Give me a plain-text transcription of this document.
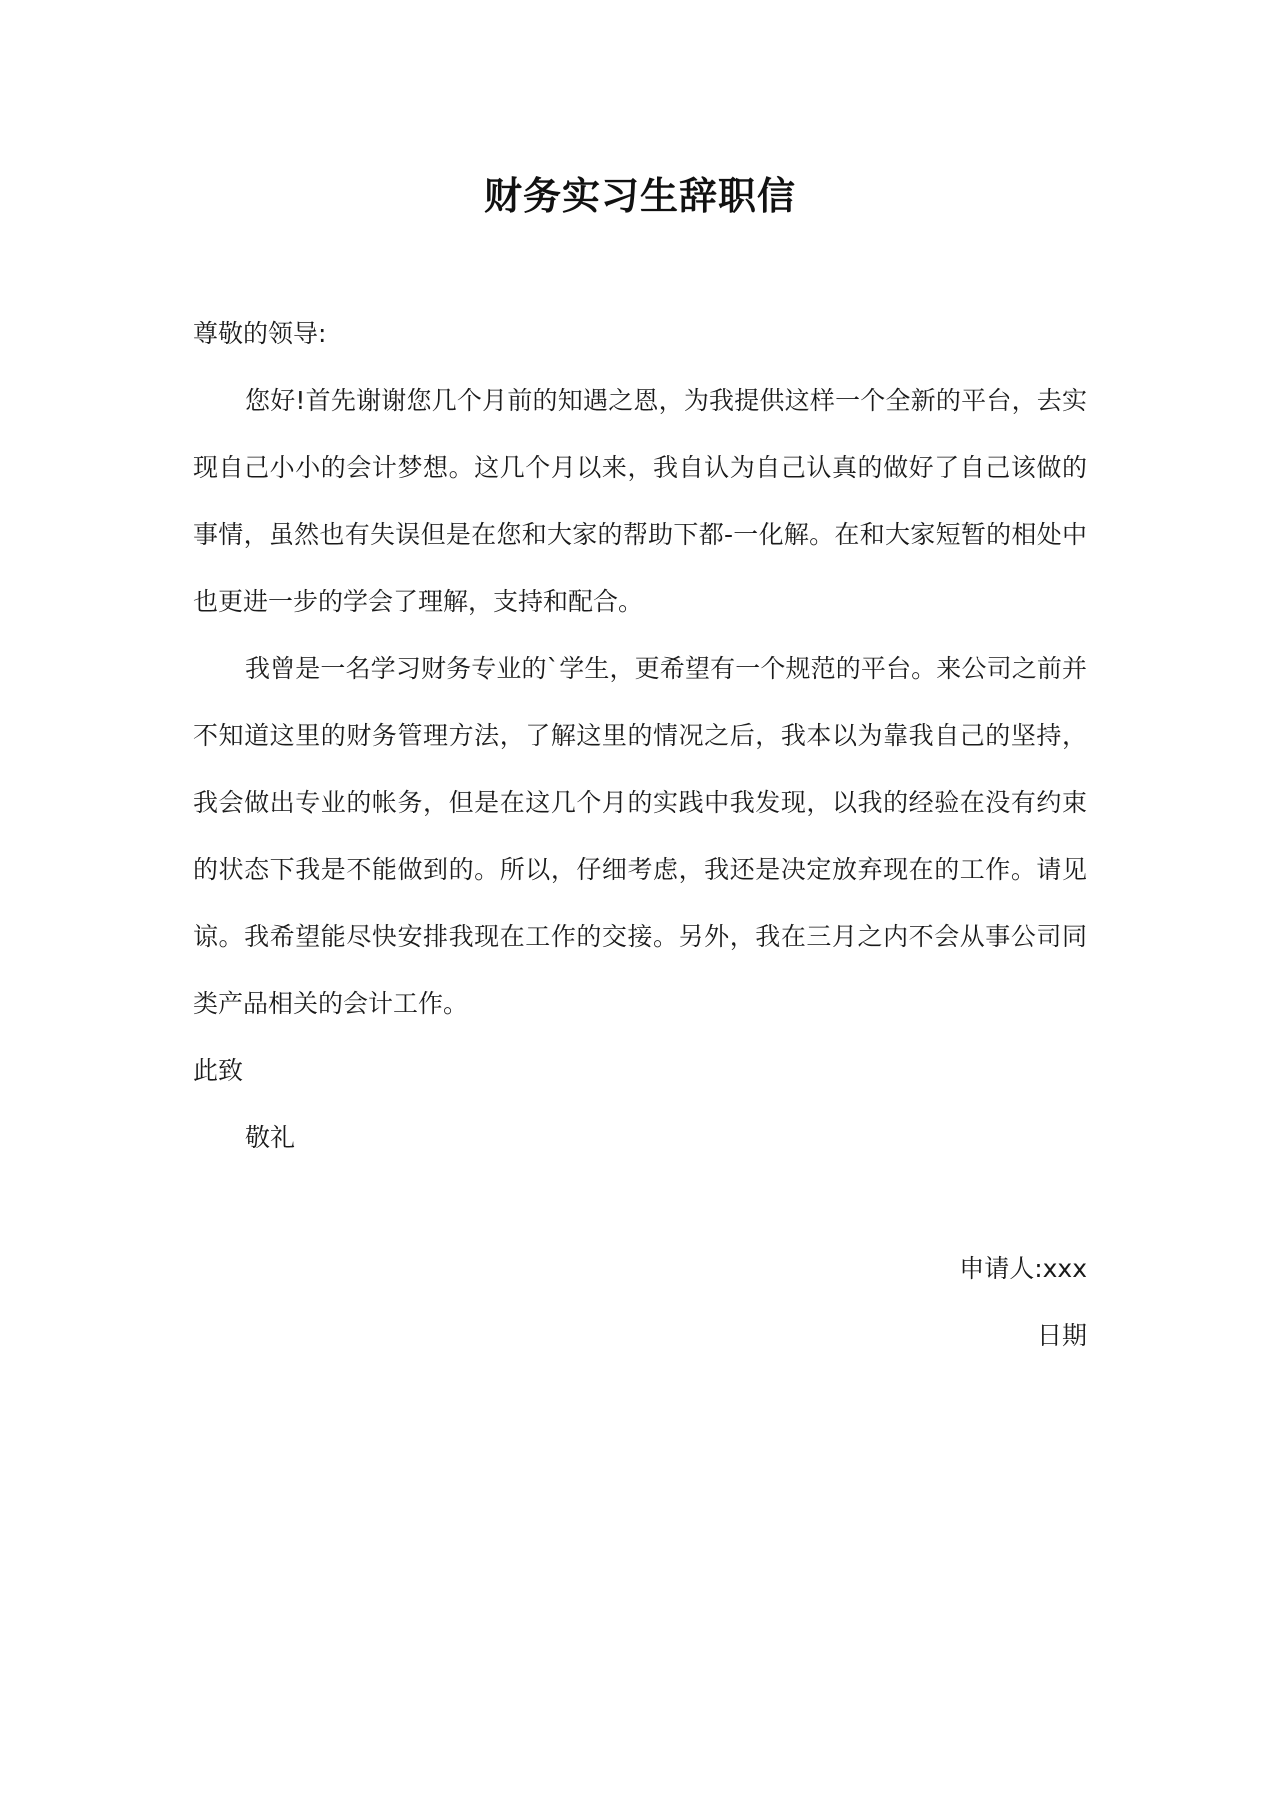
财务实习生辞职信

尊敬的领导:

您好!首先谢谢您几个月前的知遇之恩，为我提供这样一个全新的平台，去实现自己小小的会计梦想。这几个月以来，我自认为自己认真的做好了自己该做的事情，虽然也有失误但是在您和大家的帮助下都-一化解。在和大家短暂的相处中也更进一步的学会了理解，支持和配合。

我曾是一名学习财务专业的`学生，更希望有一个规范的平台。来公司之前并不知道这里的财务管理方法，了解这里的情况之后，我本以为靠我自己的坚持，我会做出专业的帐务，但是在这几个月的实践中我发现，以我的经验在没有约束的状态下我是不能做到的。所以，仔细考虑，我还是决定放弃现在的工作。请见谅。我希望能尽快安排我现在工作的交接。另外，我在三月之内不会从事公司同类产品相关的会计工作。

此致

敬礼

申请人:xxx

日期
